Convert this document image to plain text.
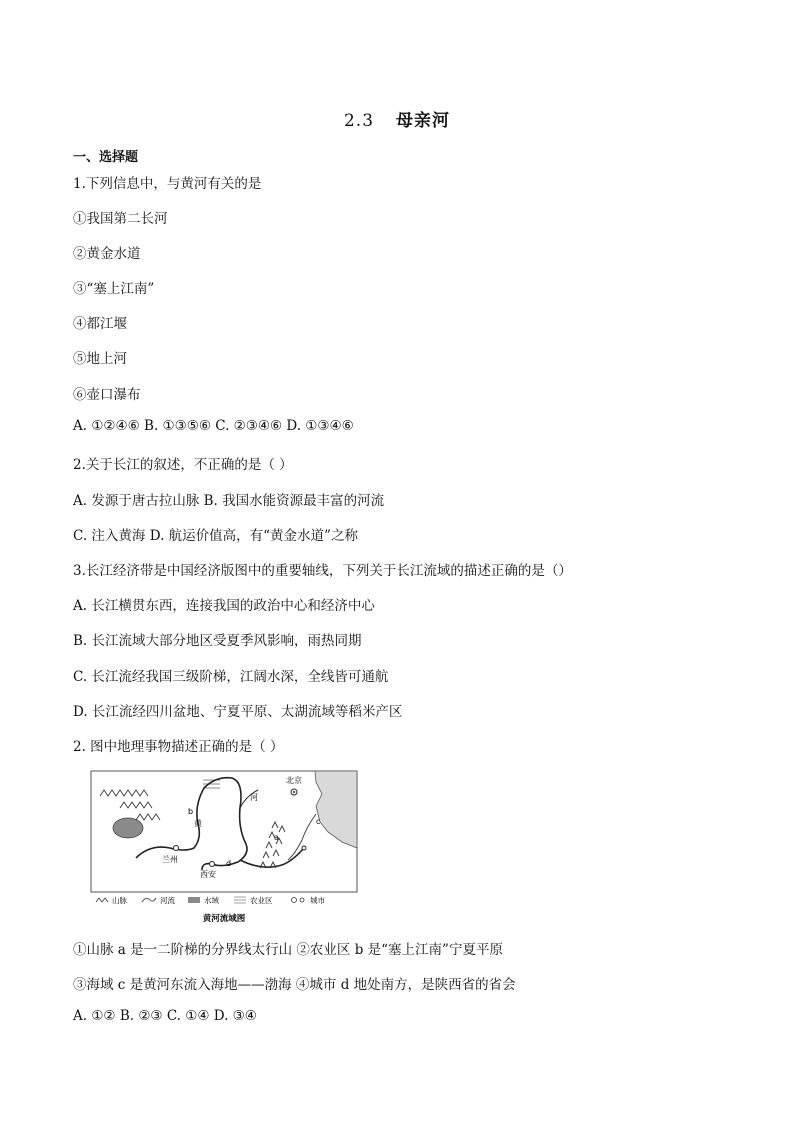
2.3 母亲河
一、选择题
1.下列信息中，与黄河有关的是
①我国第二长河
②黄金水道
③“塞上江南”
④都江堰
⑤地上河
⑥壶口瀑布
A. ①②④⑥ B. ①③⑤⑥ C. ②③④⑥ D. ①③④⑥
2.关于长江的叙述，不正确的是（ ）
A. 发源于唐古拉山脉 B. 我国水能资源最丰富的河流
C. 注入黄海 D. 航运价值高，有“黄金水道”之称
3.长江经济带是中国经济版图中的重要轴线，下列关于长江流域的描述正确的是（）
A. 长江横贯东西，连接我国的政治中心和经济中心
B. 长江流域大部分地区受夏季风影响，雨热同期
C. 长江流经我国三级阶梯，江阔水深，全线皆可通航
D. 长江流经四川盆地、宁夏平原、太湖流域等稻米产区
2. 图中地理事物描述正确的是（ ）
北京
河
黄
兰州
西安
a
b
c
d
山脉	河流	水域	农业区	城市
黄河流域图
①山脉 a 是一二阶梯的分界线太行山 ②农业区 b 是“塞上江南”宁夏平原
③海域 c 是黄河东流入海地——渤海 ④城市 d 地处南方，是陕西省的省会
A. ①② B. ②③ C. ①④ D. ③④
